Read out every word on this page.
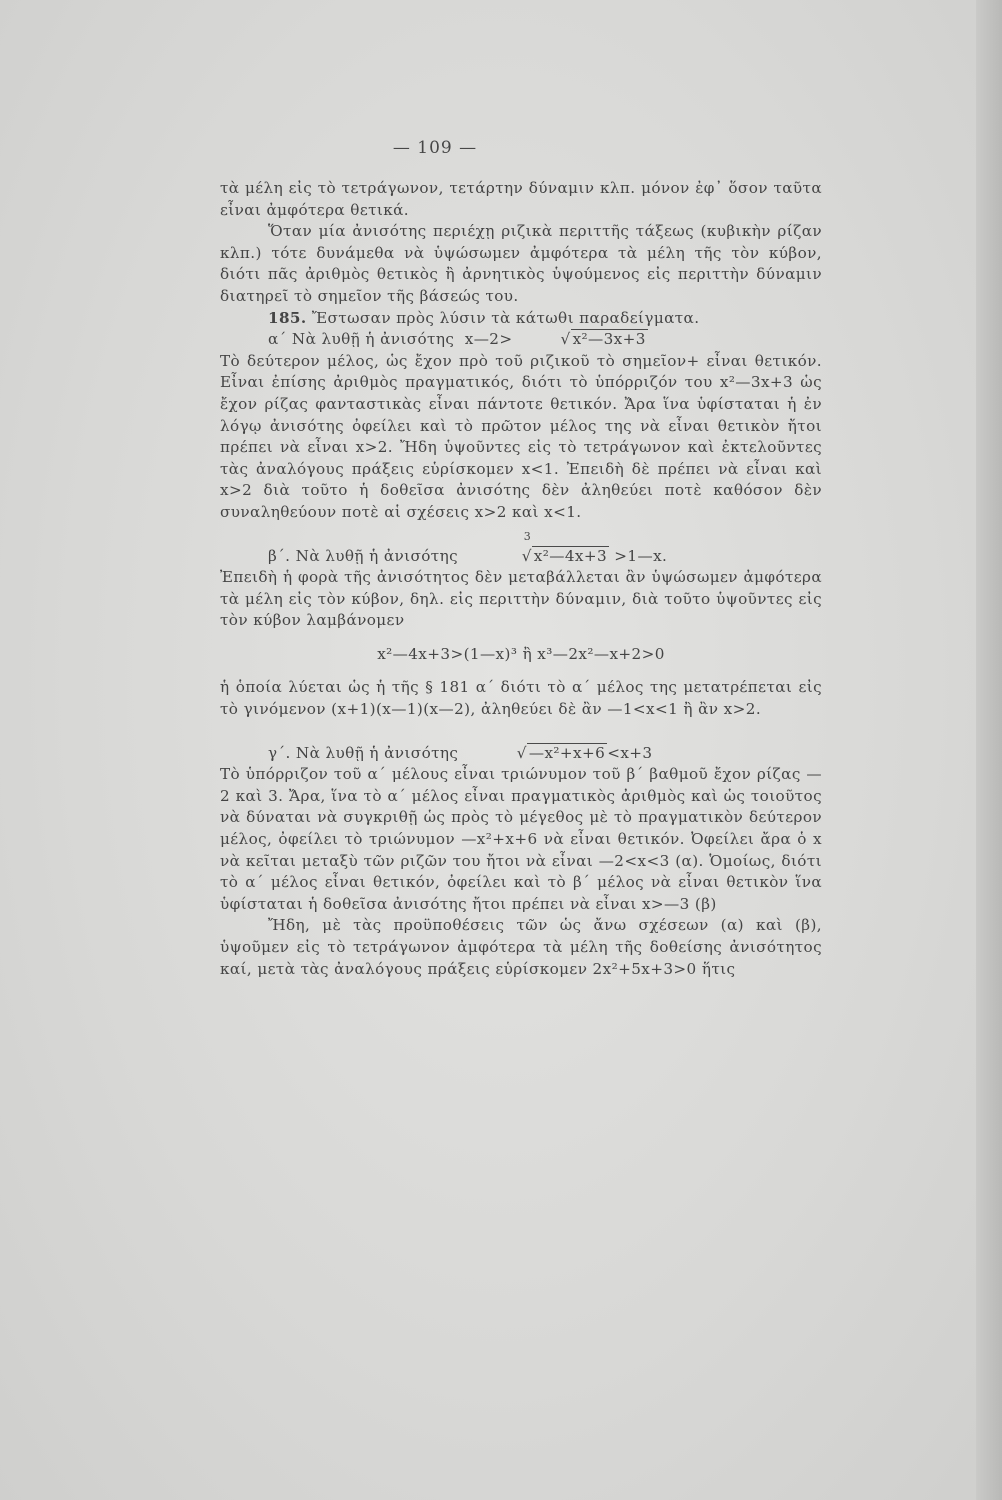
— 109 —

τὰ μέλη εἰς τὸ τετράγωνον, τετάρτην δύναμιν κλπ. μόνον ἐφ᾽ ὅσον ταῦτα εἶναι ἀμφότερα θετικά.

Ὅταν μία ἀνισότης περιέχῃ ριζικὰ περιττῆς τάξεως (κυβικὴν ρίζαν κλπ.) τότε δυνάμεθα νὰ ὑψώσωμεν ἀμφότερα τὰ μέλη τῆς τὸν κύβον, διότι πᾶς ἀριθμὸς θετικὸς ἢ ἀρνητικὸς ὑψούμενος εἰς περιττὴν δύναμιν διατηρεῖ τὸ σημεῖον τῆς βάσεώς του.

185. Ἔστωσαν πρὸς λύσιν τὰ κάτωθι παραδείγματα.

α΄ Νὰ λυθῇ ἡ ἀνισότης x—2>	√ x²—3x+3

Τὸ δεύτερον μέλος, ὡς ἔχον πρὸ τοῦ ριζικοῦ τὸ σημεῖον+ εἶναι θετικόν. Εἶναι ἐπίσης ἀριθμὸς πραγματικός, διότι τὸ ὑπόρριζόν του x²—3x+3 ὡς ἔχον ρίζας φανταστικὰς εἶναι πάντοτε θετικόν. Ἄρα ἵνα ὑφίσταται ἡ ἐν λόγῳ ἀνισότης ὀφείλει καὶ τὸ πρῶτον μέλος της νὰ εἶναι θετικὸν ἤτοι πρέπει νὰ εἶναι x>2. Ἤδη ὑψοῦντες εἰς τὸ τετράγωνον καὶ ἐκτελοῦντες τὰς ἀναλόγους πράξεις εὑρίσκομεν x<1. Ἐπειδὴ δὲ πρέπει νὰ εἶναι καὶ x>2 διὰ τοῦτο ἡ δοθεῖσα ἀνισότης δὲν ἀληθεύει ποτὲ καθόσον δὲν συναληθεύουν ποτὲ αἱ σχέσεις x>2 καὶ x<1.

β΄. Νὰ λυθῇ ἡ ἀνισότης
3
√ x²—4x+3 >1—x.

Ἐπειδὴ ἡ φορὰ τῆς ἀνισότητος δὲν μεταβάλλεται ἂν ὑψώσωμεν ἀμφότερα τὰ μέλη εἰς τὸν κύβον, δηλ. εἰς περιττὴν δύναμιν, διὰ τοῦτο ὑψοῦντες εἰς τὸν κύβον λαμβάνομεν

x²—4x+3>(1—x)³ ἢ x³—2x²—x+2>0

ἡ ὁποία λύεται ὡς ἡ τῆς § 181 α΄ διότι τὸ α΄ μέλος της μετατρέπεται εἰς τὸ γινόμενον (x+1)(x—1)(x—2), ἀληθεύει δὲ ἂν —1<x<1 ἢ ἂν x>2.

γ΄. Νὰ λυθῇ ἡ ἀνισότης	√ —x²+x+6 <x+3

Τὸ ὑπόρριζον τοῦ α΄ μέλους εἶναι τριώνυμον τοῦ β΄ βαθμοῦ ἔχον ρίζας —2 καὶ 3. Ἄρα, ἵνα τὸ α΄ μέλος εἶναι πραγματικὸς ἀριθμὸς καὶ ὡς τοιοῦτος νὰ δύναται νὰ συγκριθῇ ὡς πρὸς τὸ μέγεθος μὲ τὸ πραγματικὸν δεύτερον μέλος, ὀφείλει τὸ τριώνυμον —x²+x+6 νὰ εἶναι θετικόν. Ὀφείλει ἄρα ὁ x νὰ κεῖται μεταξὺ τῶν ριζῶν του ἤτοι νὰ εἶναι —2<x<3 (α). Ὁμοίως, διότι τὸ α΄ μέλος εἶναι θετικόν, ὀφείλει καὶ τὸ β΄ μέλος νὰ εἶναι θετικὸν ἵνα ὑφίσταται ἡ δοθεῖσα ἀνισότης ἤτοι πρέπει νὰ εἶναι x>—3 (β)

Ἤδη, μὲ τὰς προϋποθέσεις τῶν ὡς ἄνω σχέσεων (α) καὶ (β), ὑψοῦμεν εἰς τὸ τετράγωνον ἀμφότερα τὰ μέλη τῆς δοθείσης ἀνισότητος καί, μετὰ τὰς ἀναλόγους πράξεις εὑρίσκομεν 2x²+5x+3>0 ἥτις
